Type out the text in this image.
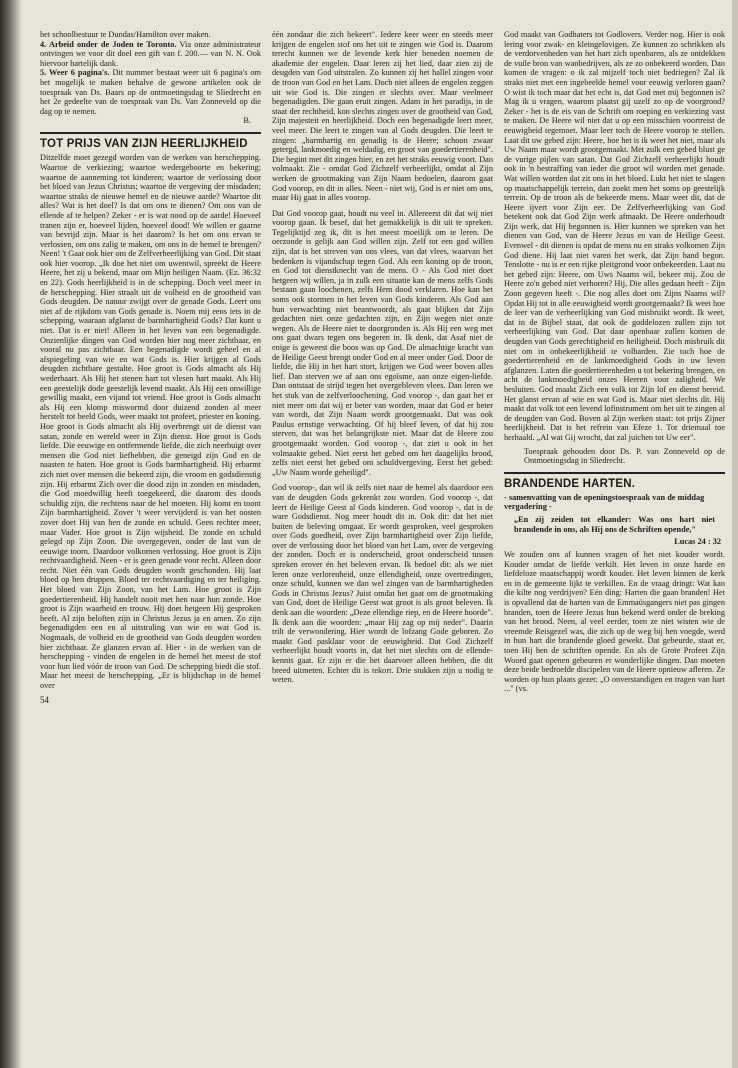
het schoolbestuur te Dundas/Hamilton over maken.

4. Arbeid onder de Joden te Toronto. Via onze administrateur ontvingen we voor dit doel een gift van f. 200.— van N. N. Ook hiervoor hartelijk dank.

5. Weer 6 pagina's. Dit nummer bestaat weer uit 6 pagina's om het mogelijk te maken behalve de gewone artikelen ook de toespraak van Ds. Baars op de ontmoetingsdag te Sliedrecht en het 2e gedeelte van de toespraak van Ds. Van Zonneveld op die dag op te nemen.

B.
TOT PRIJS VAN ZIJN HEERLIJKHEID

Ditzelfde moet gezegd worden van de werken van herschepping. Waartoe de verkiezing; waartoe wedergeboorte en bekering; waartoe de aanneming tot kinderen; waartoe de verlossing door het bloed van Jezus Christus; waartoe de vergeving der misdaden; waartoe straks de nieuwe hemel en de nieuwe aarde? Waartoe dit alles? Wat is het doel? Is dat om ons te dienen? Om ons van de ellende af te helpen? Zeker - er is wat nood op de aarde! Hoeveel tranen zijn er, hoeveel lijden, hoeveel dood! We willen er gaarne van bevrijd zijn. Maar is het daarom? Is het om ons ervan te verlossen, om ons zalig te maken, om ons in de hemel te brengen? Neen! 't Gaat ook hier om de Zelfverheerlijking van God. Dit staat ook hier voorop. „Ik doe het niet om uwentwil, spreekt de Heere Heere, het zij u bekend, maar om Mijn heiligen Naam. (Ez. 36:32 en 22). Gods heerlijkheid is in de schepping. Doch veel meer in de herschepping. Hier straalt uit de volheid en de grootheid van Gods deugden. De natuur zwijgt over de genade Gods. Leert ons niet af de rijkdom van Gods genade is. Noem mij eens iets in de schepping, waaraan afglanst de barmhartigheid Gods? Dat kunt u niet. Dat is er niet! Alleen in het leven van een begenadigde. Onzienlijke dingen van God worden hier nog meer zichtbaar, en vooral nu pas zichtbaar. Een begenadigde wordt geheel en al afspiegeling van wie en wat Gods is. Hier krijgen al Gods deugden zichtbare gestalte. Hoe groot is Gods almacht als Hij wederbaart. Als Hij het stenen hart tot vlesen hart maakt. Als Hij een geestelijk dode geestelijk levend maakt. Als Hij een onwillige gewillig maakt, een vijand tot vriend. Hoe groot is Gods almacht als Hij een klomp miswormd door duizend zonden al meer herstelt tot beeld Gods, weer maakt tot profeet, priester en koning. Hoe groot is Gods almacht als Hij overbrengt uit de dienst van satan, zonde en wereld weer in Zijn dienst. Hoe groot is Gods liefde. Die eeuwige en ontfermende liefde, die zich neerbuigt over mensen die God niet liefhebben, die geneigd zijn God en de naasten te haten. Hoe groot is Gods barmhartigheid. Hij erbarmt zich niet over mensen die bekeerd zijn, die vroom en godsdienstig zijn. Hij erbarmt Zich over die dood zijn in zonden en misdaden, die God moedwillig heeft toegekeerd, die daarom des doods schuldig zijn, die rechtens naar de hel moeten. Hij komt en toont Zijn barmhartigheid. Zover 't weer vervijderd is van het oosten zover doet Hij van hen de zonde en schuld. Geen rechter meer, maar Vader. Hoe groot is Zijn wijsheid. De zonde en schuld gelegd op Zijn Zoon. Die overgegeven, onder de last van de eeuwige toorn. Daardoor volkomen verlossing. Hoe groot is Zijn rechtvaardigheid. Neen - er is geen genade voor recht. Alleen door recht. Niet één van Gods deugden wordt geschonden. Hij laat bloed op hen druppen. Bloed ter rechtvaardiging en ter heiliging. Het bloed van Zijn Zoon, van het Lam. Hoe groot is Zijn goedertierenheid. Hij handelt nooit met hen naar hun zonde. Hoe groot is Zijn waarheid en trouw. Hij doet hetgeen Hij gesproken heeft. Al zijn beloften zijn in Christus Jezus ja en amen. Zo zijn begenadigden een en al uitstraling van wie en wat God is. Nogmaals, de volheid en de grootheid van Gods deugden worden hier zichtbaar. Ze glanzen ervan af. Hier - in de werken van de herschepping - vinden de engelen in de hemel het meest de stof voor hun lied vóór de troon van God. De schepping biedt die stof. Maar het meest de herschepping. „Er is blijdschap in de hemel over

54

één zondaar die zich bekeert". Iedere keer weer en steeds meer krijgen de engelen stof om het uit te zingen wie God is. Daarom terecht kunnen we de levende kerk hier beneden noemen de akademie der engelen. Daar leren zij het lied, daar zien zij de deugden van God uitstralen. Zo kunnen zij het hallel zingen voor de troon van God en het Lam. Doch niet alleen de engelen zeggen uit wie God is. Die zingen er slechts over. Maar veelmeer begenadigden. Die gaan eruit zingen. Adam in het paradijs, in de staat der rechtheid, kon slechts zingen over de grootheid van God, Zijn majesteit en heerlijkheid. Doch een begenadigde leert meer, veel meer. Die leert te zingen van al Gods deugden. Die leert te zingen: „barmhartig en genadig is de Heere; schoon zwaar getergd, lankmoedig en weldadig, en groot van goedertierenheid". Die begint met dit zingen hier, en zet het straks eeuwig voort. Dan volmaakt. Zie - omdat God Zichzelf verheerlijkt, omdat al Zijn werken de grootmaking van Zijn Naam bedoelen, daarom gaat God voorop, en dit in alles. Neen - niet wij, God is er niet om ons, maar Hij gaat in alles voorop.

Dat God voorop gaat, houdt nu veel in. Allereerst dit dat wij niet voorop gaan. Ik besef, dat het gemakkelijk is dit uit te spreken. Tegelijktijd zeg ik, dit is het meest moeilijk om te leren. De oerzonde is gelijk aan God willen zijn. Zelf tot een god willen zijn, dat is het streven van ons vlees, van dat vlees, waarvan het bedenken is vijandschap tegen God. Als een koning op de troon, en God tot dienstknecht van de mens. O - Als God niet doet hetgeen wij willen, ja in zulk een situatie kan de mens zelfs Gods bestaan gaan loochenen, zelfs Hem dood verklaren. Hoe kan het soms ook stormen in het leven van Gods kinderen. Als God aan hun verwachting niet beantwoordt, als gaat blijken dat Zijn gedachten niet onze gedachten zijn, en Zijn wegen niet onze wegen. Als de Heere niet te doorgronden is. Als Hij een weg met ons gaat dwars tegen ons begeren in. Ik denk, dat Asaf niet de enige is geweest die boos was op God. De almachtige kracht van de Heilige Geest brengt onder God en al meer onder God. Door de liefde, die Hij in het hart stort, krijgen we God weer boven alles lief. Dan sterven we af aan ons egoïsme, aan onze eigen-liefde. Dan ontstaat de strijd tegen het overgebleven vlees. Dan leren we het stuk van de zelfverloochening. God voorop -, dan gaat het er niet meer om dat wij er beter van worden, maar dat God er beter van wordt, dat Zijn Naam wordt grootgemaakt. Dat was ook Paulus ernstige verwachting. Of hij bleef leven, of dat hij zou sterven, dat was het belangrijkste niet. Maar dat de Heere zou grootgemaakt worden. God voorop -, dat ziet u ook in het volmaakte gebed. Niet eerst het gebed om het daagelijks brood, zelfs niet eerst het gebed om schuldvergeving. Eerst het gebed: „Uw Naam worde geheiligd".

God voorop-, dan wil ik zelfs niet naar de hemel als daardoor een van de deugden Gods gekrenkt zou worden. God voorop -, dat leert de Heilige Geest al Gods kinderen. God voorop -, dat is de ware Godsdienst. Nog meer houdt dit in. Ook dit: dat het niet buiten de beleving omgaat. Er wordt gesproken, veel gesproken over Gods goedheid, over Zijn barmhartigheid over Zijn liefde, over de verlossing door het bloed van het Lam, over de vergeving der zonden. Doch er is onderscheid, groot onderscheid tussen spreken erover én het beleven ervan. Ik bedoel dit: als we niet leren onze verlorenheid, onze ellendigheid, onze overtredingen, onze schuld, kunnen we dan wel zingen van de barmhartigheden Gods in Christus Jezus? Juist omdat het gaat om de grootmaking van God, doet de Heilige Geest wat groot is als groot beleven. Ik denk aan die woorden: „Deze ellendige riep, en de Heere hoorde". Ik denk aan die woorden: „maar Hij zag op mij neder". Daarin trilt de verwondering. Hier wordt de lofzang Gode geboren. Zo maakt God pasklaar voor de eeuwigheid. Dat God Zichzelf verheerlijkt houdt voorts in, dat het niet slechts om de ellende-kennis gaat. Er zijn er die het daarvoer alleen hebben, die dit breed uitmeten. Echter dit is tekort. Drie stukken zijn u nodig te weten.

God maakt van Godhaters tot Godlovers. Verder nog. Hier is ook lering voor zwak- en kleingelovigen. Ze kunnen zo schrikken als de verdorvenheden van het hart zich openbaren, als ze ontdekken de vuile bron van wanbedrijven, als ze zo onbekeerd worden. Dan komen de vragen: o ik zal mijzelf toch niet bedriegen? Zal ik straks niet met een ingebeelde hemel voor eeuwig verloren gaan? O wist ik toch maar dat het echt is, dat God met mij begonnen is? Mag ik u vragen, waarom plaatst gij uzelf zo op de voorgrond? Zeker - het is de eis van de Schrift om roeping en verkiezing vast te maken. De Heere wil niet dat u op een misschien voortreist de eeuwigheid tegemoet. Maar leer toch de Heere voorop te stellen. Laat dit uw gebed zijn: Heere, hoe het is ik weet het niet, maar als Uw Naam maar wordt grootgemaakt. Met zulk een gebed blust ge de vurige pijlen van satan. Dat God Zichzelf verheerlijkt houdt ook in 'n bestraffing van ieder die groot wil worden met genade. Wat willen worden dat zit ons in het bloed. Lukt het niet te slagen op maatschappelijk terrein, dan zoekt men het soms op geestelijk terrein. Op de troon als de bekeerde mens. Maar weet dit, dat de Heere ijvert voor Zijn eer. De Zelfverheerlijking van God betekent ook dat God Zijn werk afmaakt. De Heere onderhoudt Zijn werk, dat Hij begonnen is. Hier kunnen we spreken van het dienen van God, van de Heere Jezus en van de Heilige Geest. Evenwel - dit dienen is opdat de mens nu en straks volkomen Zijn God diene. Hij laat niet varen het werk, dat Zijn hand begon. Tenslotte - nu is er een rijke pleitgrond voor onbekeerden. Laat nu het gebed zijn: Heere, om Uws Naams wil, bekeer mij. Zou de Heere zo'n gebed niet verhoren? Hij, Die alles gedaan heeft - Zijn Zoon gegeven heeft -. Die nog alles doet om Zijns Naams wil? Opdat Hij tot in alle eeuwigheid wordt grootgemaakt? Ik weet hoe de leer van de verheerlijking van God misbruikt wordt. Ik weet, dat in de Bijbel staat, dat ook de goddelozen zullen zijn tot verheerlijking van God. Dat daar openbaar zullen komen de deugden van Gods gerechtigheid en heiligheid. Doch misbruik dit niet om in onbekeerlijkheid te volharden. Zie toch hoe de goedertierenheid en de lankmoedigheid Gods in uw leven afglanzen. Laten die goedertierenheden u tot bekering brengen, en acht de lankmoedigheid onzes Heeren voor zaligheid. We besluiten. God maakt Zich een volk tot Zijn lof en dienst bereid. Het glanst ervan af wie en wat God is. Maar niet slechts dit. Hij maakt dat volk tot een levend lofinstrument om het uit te zingen al de deugden van God. Boven al Zijn werken staat: tot prijs Zijner heerlijkheid. Dat is het refrein van Efeze 1. Tot driemaal toe herhaald. „Al wat Gij wrocht, dat zal juichen tot Uw eer".

Toespraak gehouden door Ds. P. van Zonneveld op de Ontmoetingsdag in Sliedrecht.
BRANDENDE HARTEN.
- samenvatting van de openingstoespraak van de middag vergadering -
„En zij zeiden tot elkander: Was ons hart niet brandende in ons, als Hij ons de Schriften opende,"
Lucas 24 : 32

We zouden ons af kunnen vragen of het niet kouder wordt. Kouder omdat de liefde verkilt. Het leven in onze harde en liefdeloze maatschappij wordt kouder. Het leven binnen de kerk en in de gemeente lijkt te verkillen. En de vraag dringt: Wat kan die kilte nog verdrijven? Eén ding: Harten die gaan branden! Het is opvallend dat de harten van de Emmaüsgangers niet pas gingen branden, toen de Heere Jezus hun bekend werd onder de breking van het brood. Neen, al veel eerder, toen ze niet wisten wie de vreemde Reisgezel was, die zich op de weg bij hen voegde, werd in hun hart die brandende gloed gewekt. Dat gebeurde, staat er, toen Hij hen de schriften opende. En als de Grote Profeet Zijn Woord gaat openen gebeuren er wonderlijke dingen. Dan moeten deze beide bedroefde discipelen van de Heere opnieuw afleren. Ze worden op hun plaats gezet: „O onverstandigen en tragen van hart ..." (vs.
